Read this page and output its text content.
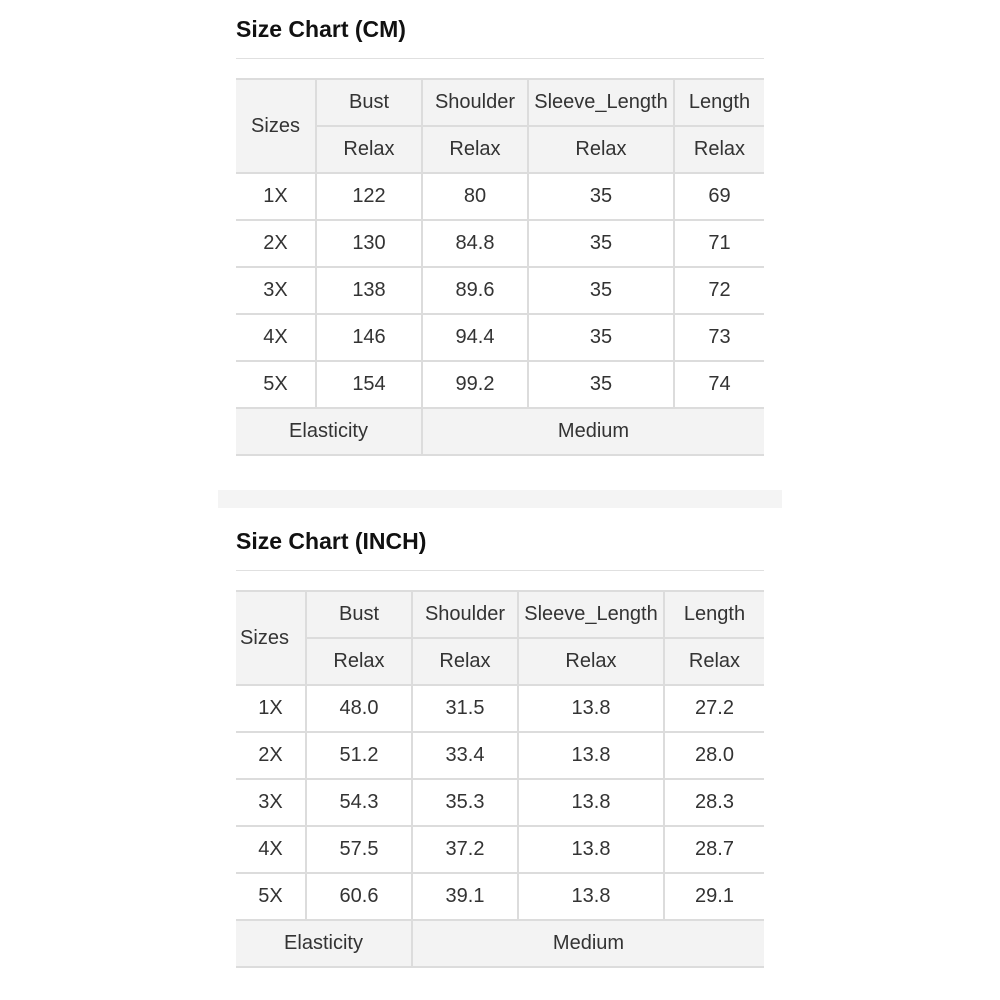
Size Chart (CM)
Sizes	Bust	Shoulder	Sleeve_Length	Length
	Relax	Relax	Relax	Relax
1X	122	80	35	69
2X	130	84.8	35	71
3X	138	89.6	35	72
4X	146	94.4	35	73
5X	154	99.2	35	74
Elasticity		Medium		
Size Chart (INCH)
Sizes	Bust	Shoulder	Sleeve_Length	Length
	Relax	Relax	Relax	Relax
1X	48.0	31.5	13.8	27.2
2X	51.2	33.4	13.8	28.0
3X	54.3	35.3	13.8	28.3
4X	57.5	37.2	13.8	28.7
5X	60.6	39.1	13.8	29.1
Elasticity		Medium		
